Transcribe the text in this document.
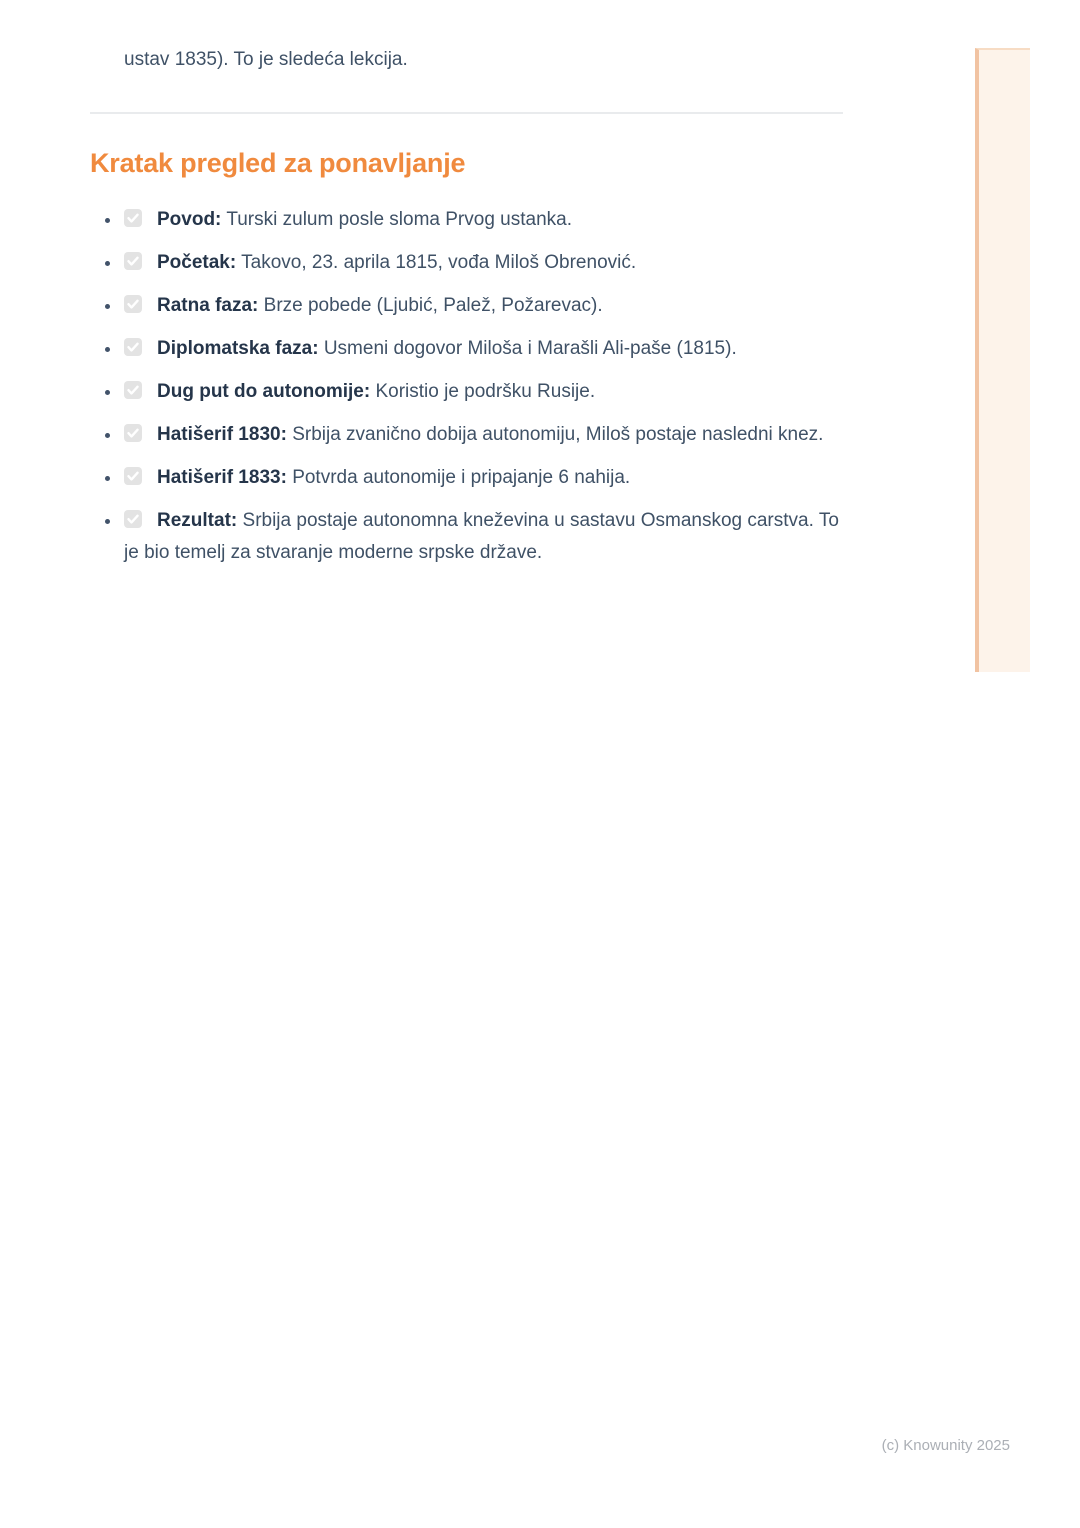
ustav 1835). To je sledeća lekcija.

Kratak pregled za ponavljanje
Povod: Turski zulum posle sloma Prvog ustanka.
Početak: Takovo, 23. aprila 1815, vođa Miloš Obrenović.
Ratna faza: Brze pobede (Ljubić, Palež, Požarevac).
Diplomatska faza: Usmeni dogovor Miloša i Marašli Ali-paše (1815).
Dug put do autonomije: Koristio je podršku Rusije.
Hatišerif 1830: Srbija zvanično dobija autonomiju, Miloš postaje nasledni knez.
Hatišerif 1833: Potvrda autonomije i pripajanje 6 nahija.
Rezultat: Srbija postaje autonomna kneževina u sastavu Osmanskog carstva. To je bio temelj za stvaranje moderne srpske države.
(c) Knowunity 2025
